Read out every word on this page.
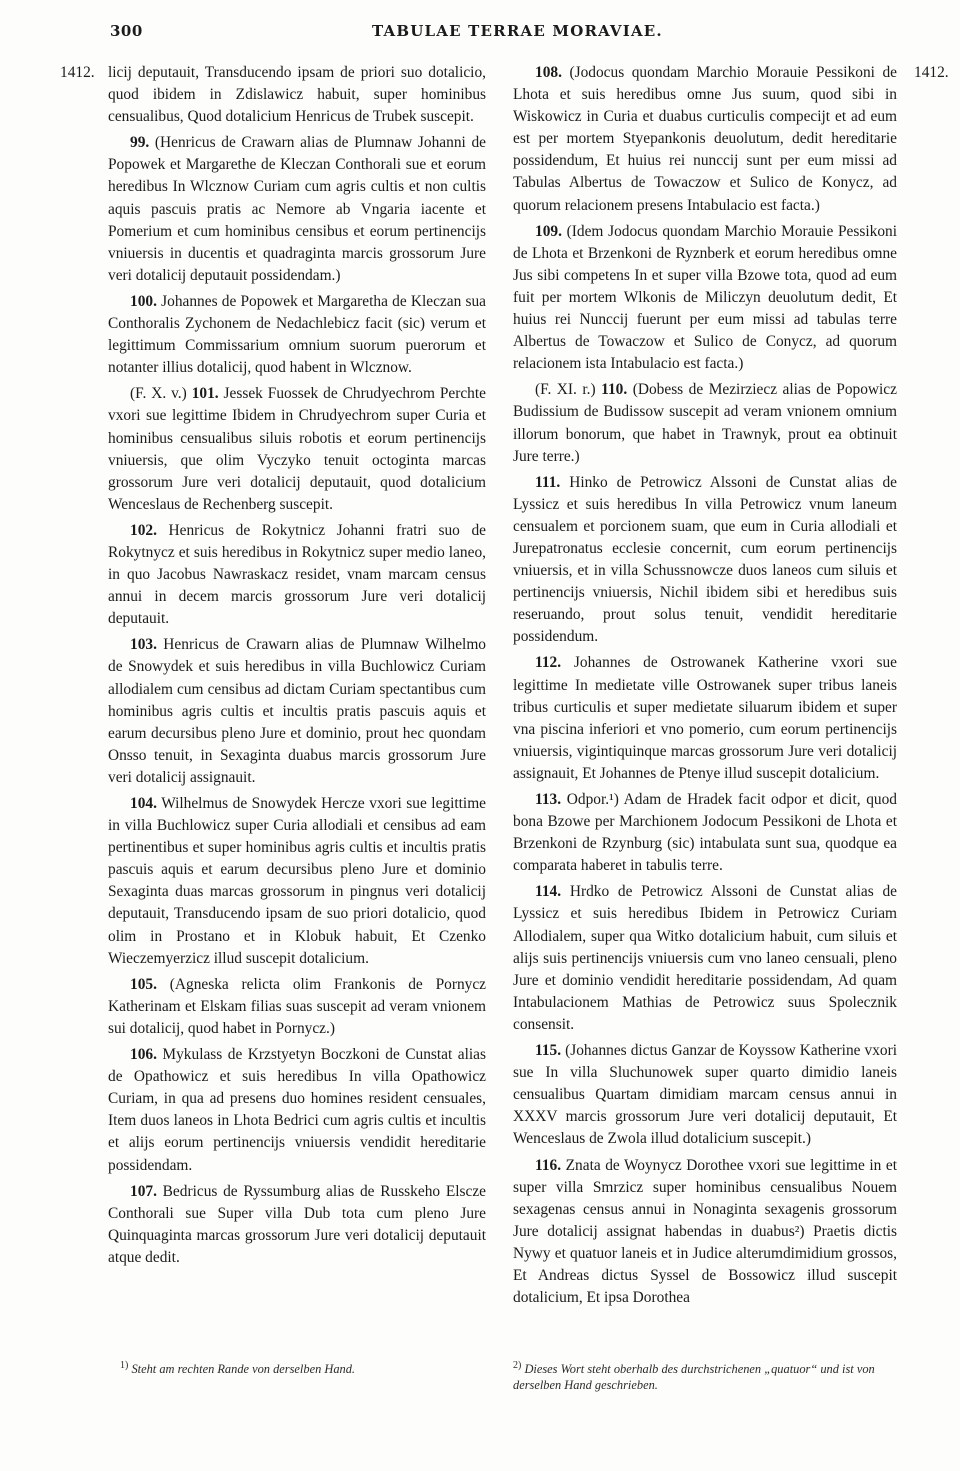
300	TABULAE TERRAE MORAVIAE.
1412.	1412.

licij deputauit, Transducendo ipsam de priori suo dotalicio, quod ibidem in Zdislawicz habuit, super hominibus censualibus, Quod dotalicium Henricus de Trubek suscepit.

99. (Henricus de Crawarn alias de Plumnaw Johanni de Popowek et Margarethe de Kleczan Conthorali sue et eorum heredibus In Wlcznow Curiam cum agris cultis et non cultis aquis pascuis pratis ac Nemore ab Vngaria iacente et Pomerium et cum hominibus censibus et eorum pertinencijs vniuersis in ducentis et quadraginta marcis grossorum Jure veri dotalicij deputauit possidendam.)

100. Johannes de Popowek et Margaretha de Kleczan sua Conthoralis Zychonem de Nedachlebicz facit (sic) verum et legittimum Commissarium omnium suorum puerorum et notanter illius dotalicij, quod habent in Wlcznow.

(F. X. v.) 101. Jessek Fuossek de Chrudyechrom Perchte vxori sue legittime Ibidem in Chrudyechrom super Curia et hominibus censualibus siluis robotis et eorum pertinencijs vniuersis, que olim Vyczyko tenuit octoginta marcas grossorum Jure veri dotalicij deputauit, quod dotalicium Wenceslaus de Rechenberg suscepit.

102. Henricus de Rokytnicz Johanni fratri suo de Rokytnycz et suis heredibus in Rokytnicz super medio laneo, in quo Jacobus Nawraskacz residet, vnam marcam census annui in decem marcis grossorum Jure veri dotalicij deputauit.

103. Henricus de Crawarn alias de Plumnaw Wilhelmo de Snowydek et suis heredibus in villa Buchlowicz Curiam allodialem cum censibus ad dictam Curiam spectantibus cum hominibus agris cultis et incultis pratis pascuis aquis et earum decursibus pleno Jure et dominio, prout hec quondam Onsso tenuit, in Sexaginta duabus marcis grossorum Jure veri dotalicij assignauit.

104. Wilhelmus de Snowydek Hercze vxori sue legittime in villa Buchlowicz super Curia allodiali et censibus ad eam pertinentibus et super hominibus agris cultis et incultis pratis pascuis aquis et earum decursibus pleno Jure et dominio Sexaginta duas marcas grossorum in pingnus veri dotalicij deputauit, Transducendo ipsam de suo priori dotalicio, quod olim in Prostano et in Klobuk habuit, Et Czenko Wieczemyerzicz illud suscepit dotalicium.

105. (Agneska relicta olim Frankonis de Pornycz Katherinam et Elskam filias suas suscepit ad veram vnionem sui dotalicij, quod habet in Pornycz.)

106. Mykulass de Krzstyetyn Boczkoni de Cunstat alias de Opathowicz et suis heredibus In villa Opathowicz Curiam, in qua ad presens duo homines resident censuales, Item duos laneos in Lhota Bedrici cum agris cultis et incultis et alijs eorum pertinencijs vniuersis vendidit hereditarie possidendam.

107. Bedricus de Ryssumburg alias de Russkeho Elscze Conthorali sue Super villa Dub tota cum pleno Jure Quinquaginta marcas grossorum Jure veri dotalicij deputauit atque dedit.

108. (Jodocus quondam Marchio Morauie Pessikoni de Lhota et suis heredibus omne Jus suum, quod sibi in Wiskowicz in Curia et duabus curticulis compecijt et ad eum est per mortem Styepankonis deuolutum, dedit hereditarie possidendum, Et huius rei nunccij sunt per eum missi ad Tabulas Albertus de Towaczow et Sulico de Konycz, ad quorum relacionem presens Intabulacio est facta.)

109. (Idem Jodocus quondam Marchio Morauie Pessikoni de Lhota et Brzenkoni de Ryznberk et eorum heredibus omne Jus sibi competens In et super villa Bzowe tota, quod ad eum fuit per mortem Wlkonis de Miliczyn deuolutum dedit, Et huius rei Nunccij fuerunt per eum missi ad tabulas terre Albertus de Towaczow et Sulico de Conycz, ad quorum relacionem ista Intabulacio est facta.)

(F. XI. r.) 110. (Dobess de Mezirziecz alias de Popowicz Budissium de Budissow suscepit ad veram vnionem omnium illorum bonorum, que habet in Trawnyk, prout ea obtinuit Jure terre.)

111. Hinko de Petrowicz Alssoni de Cunstat alias de Lyssicz et suis heredibus In villa Petrowicz vnum laneum censualem et porcionem suam, que eum in Curia allodiali et Jurepatronatus ecclesie concernit, cum eorum pertinencijs vniuersis, et in villa Schussnowcze duos laneos cum siluis et pertinencijs vniuersis, Nichil ibidem sibi et heredibus suis reseruando, prout solus tenuit, vendidit hereditarie possidendum.

112. Johannes de Ostrowanek Katherine vxori sue legittime In medietate ville Ostrowanek super tribus laneis tribus curticulis et super medietate siluarum ibidem et super vna piscina inferiori et vno pomerio, cum eorum pertinencijs vniuersis, vigintiquinque marcas grossorum Jure veri dotalicij assignauit, Et Johannes de Ptenye illud suscepit dotalicium.

113. Odpor.¹) Adam de Hradek facit odpor et dicit, quod bona Bzowe per Marchionem Jodocum Pessikoni de Lhota et Brzenkoni de Rzynburg (sic) intabulata sunt sua, quodque ea comparata haberet in tabulis terre.

114. Hrdko de Petrowicz Alssoni de Cunstat alias de Lyssicz et suis heredibus Ibidem in Petrowicz Curiam Allodialem, super qua Witko dotalicium habuit, cum siluis et alijs suis pertinencijs vniuersis cum vno laneo censuali, pleno Jure et dominio vendidit hereditarie possidendam, Ad quam Intabulacionem Mathias de Petrowicz suus Spolecznik consensit.

115. (Johannes dictus Ganzar de Koyssow Katherine vxori sue In villa Sluchunowek super quarto dimidio laneis censualibus Quartam dimidiam marcam census annui in XXXV marcis grossorum Jure veri dotalicij deputauit, Et Wenceslaus de Zwola illud dotalicium suscepit.)

116. Znata de Woynycz Dorothee vxori sue legittime in et super villa Smrzicz super hominibus censualibus Nouem sexagenas census annui in Nonaginta sexagenis grossorum Jure dotalicij assignat habendas in duabus²) Praetis dictis Nywy et quatuor laneis et in Judice alterumdimidium grossos, Et Andreas dictus Syssel de Bossowicz illud suscepit dotalicium, Et ipsa Dorothea

$^{1)}$ Steht am rechten Rande von derselben Hand.	$^{2)}$ Dieses Wort steht oberhalb des durchstrichenen „quatuor“ und ist von derselben Hand geschrieben.
